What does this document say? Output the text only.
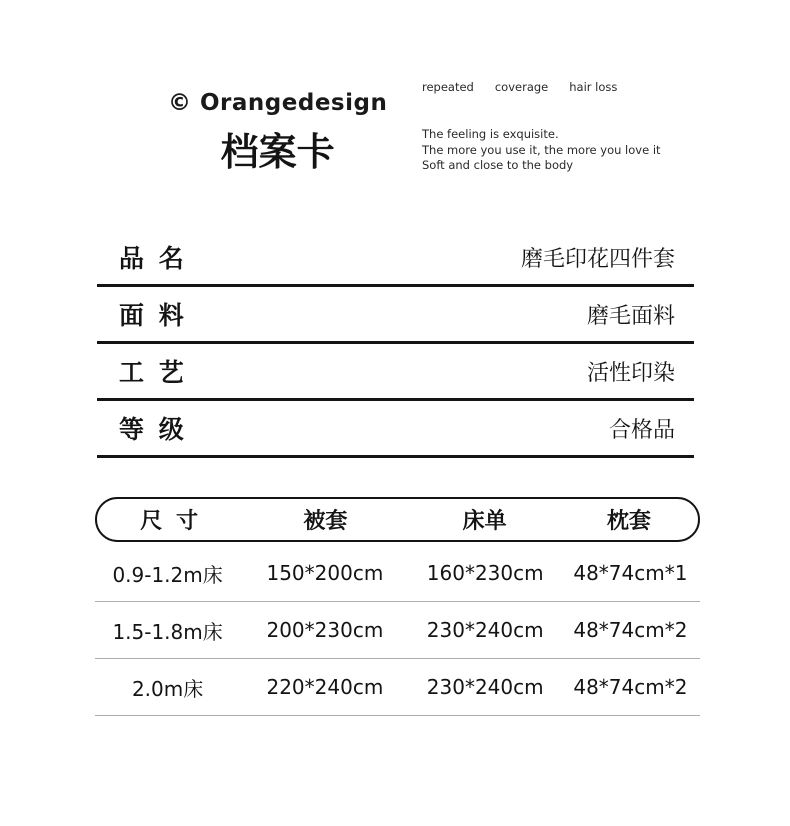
© Orangedesign
档案卡
repeated coverage hair loss
The feeling is exquisite.
The more you use it, the more you love it
Soft and close to the body
品 名	磨毛印花四件套
面 料	磨毛面料
工 艺	活性印染
等 级	合格品
尺 寸	被套	床单	枕套
0.9-1.2m床	150*200cm	160*230cm	48*74cm*1
1.5-1.8m床	200*230cm	230*240cm	48*74cm*2
2.0m床	220*240cm	230*240cm	48*74cm*2
